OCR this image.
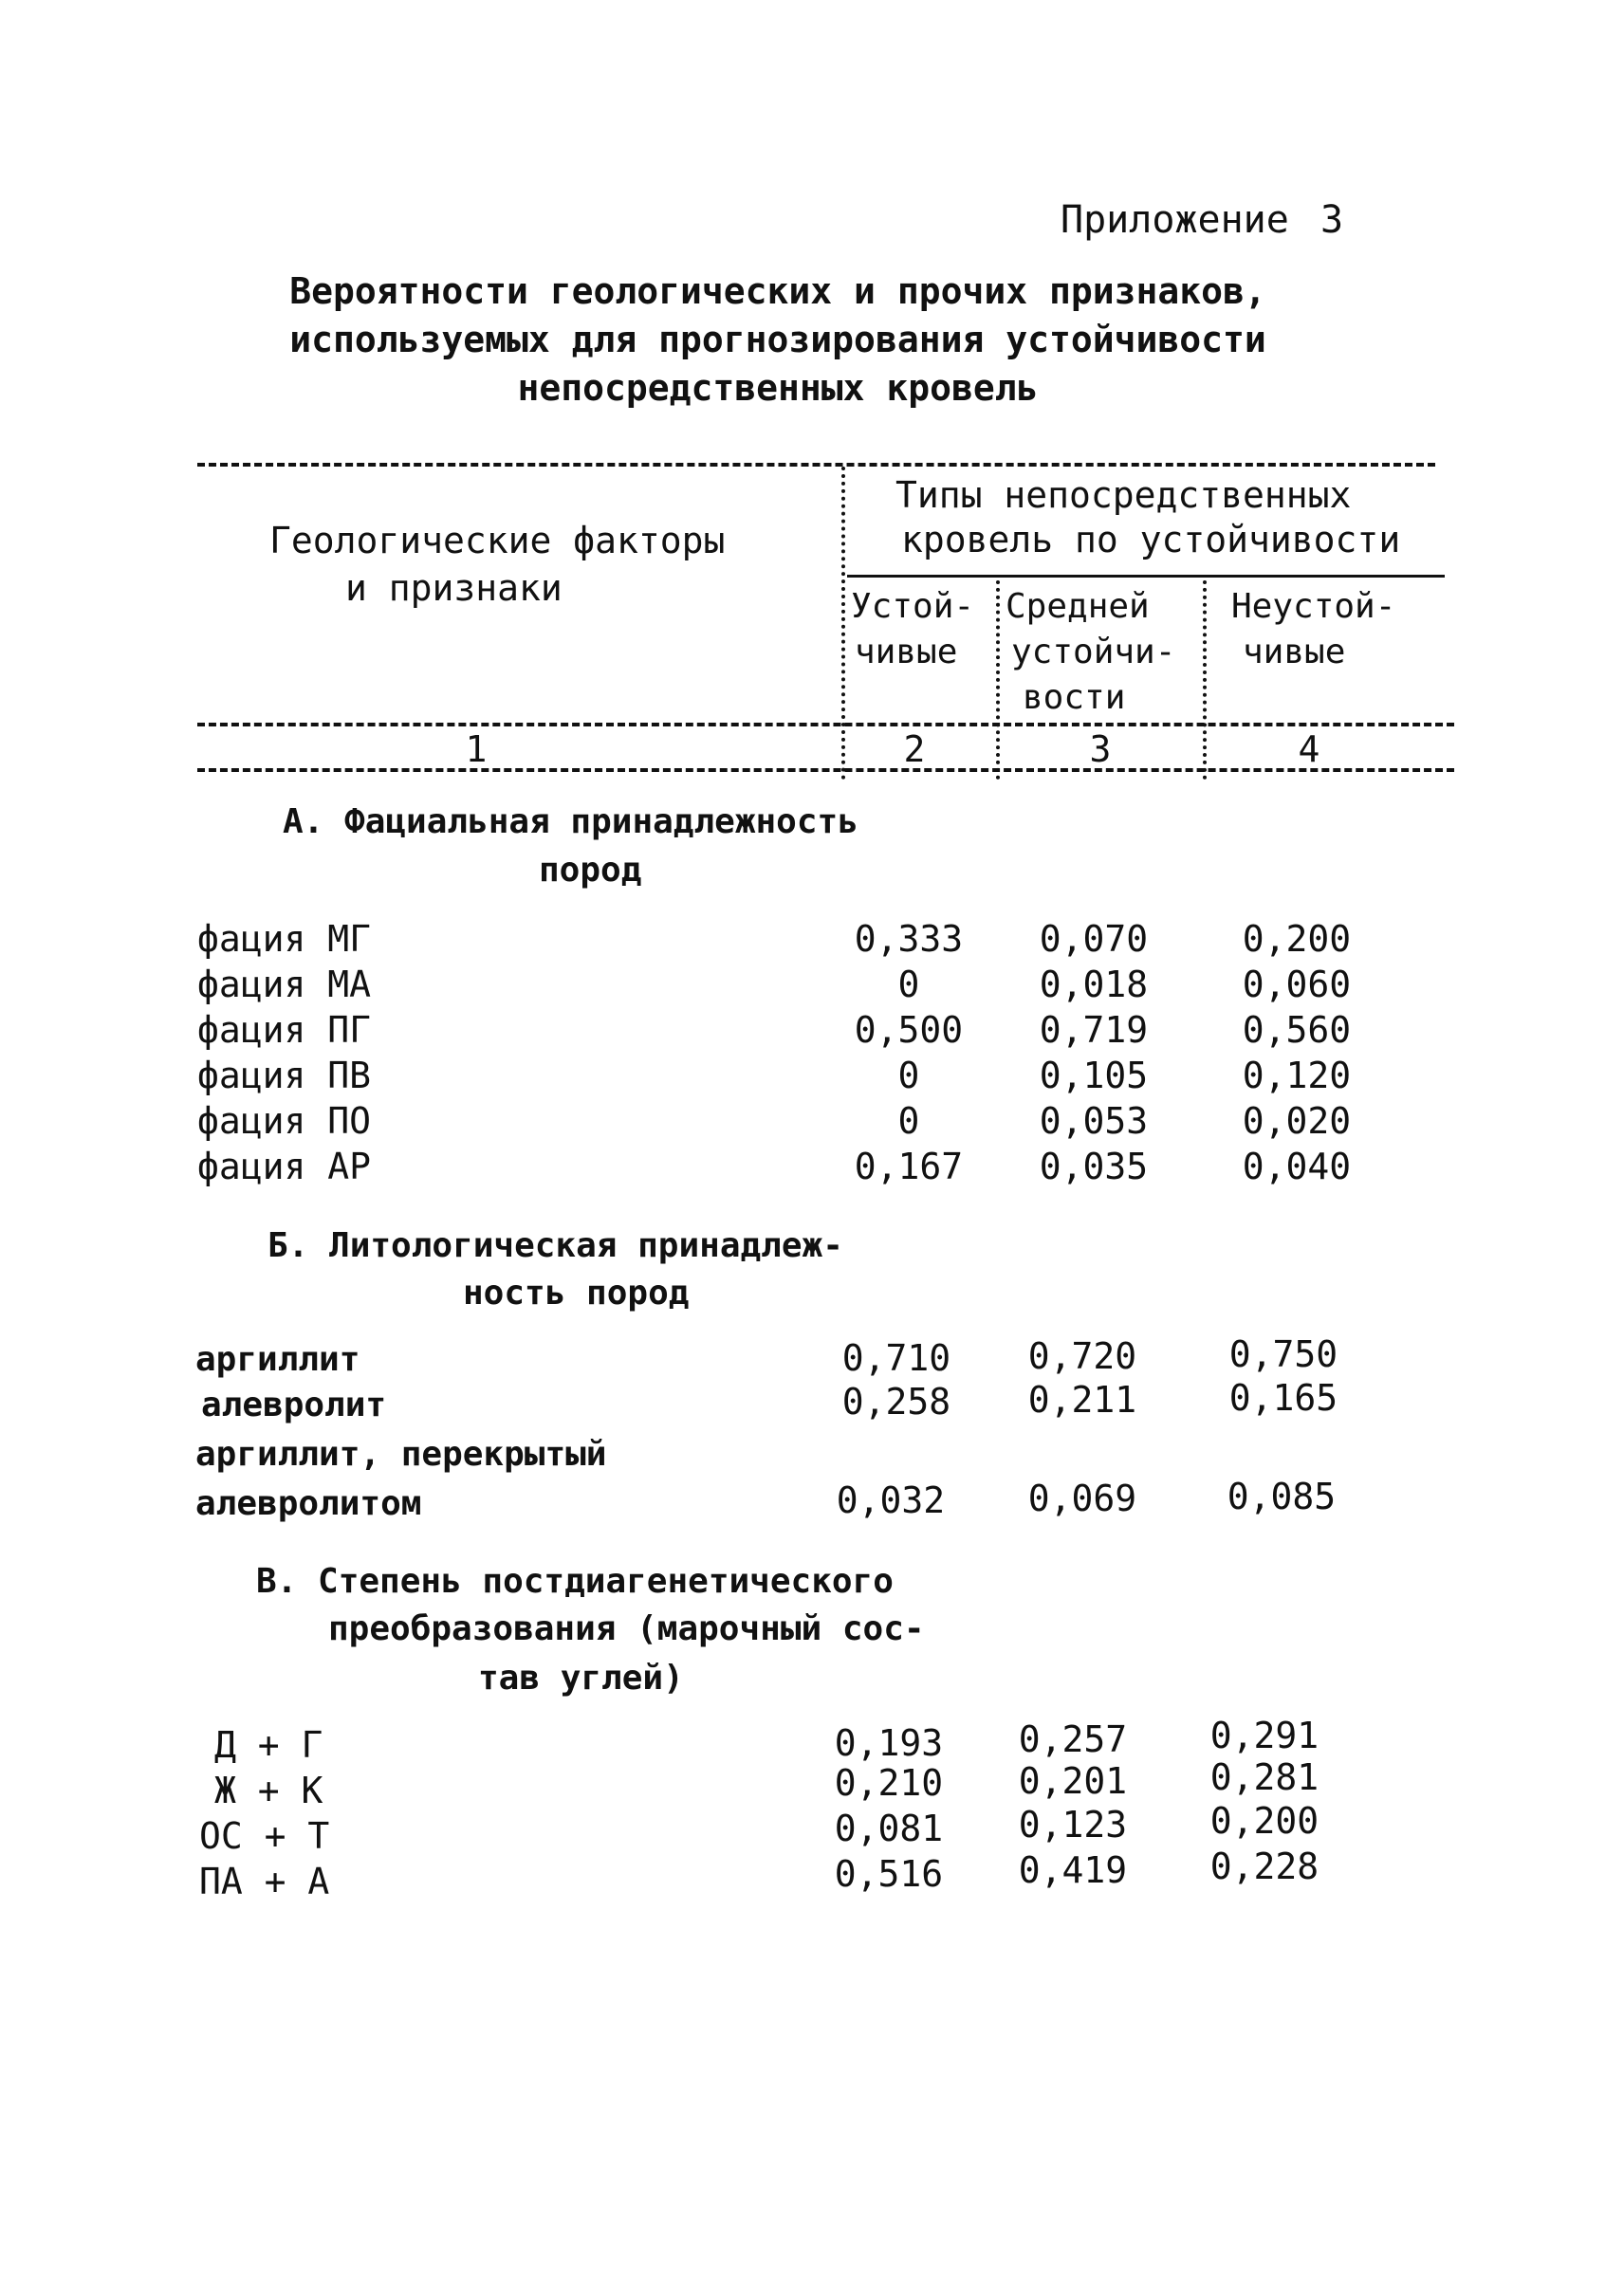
Приложение 3
Вероятности геологических и прочих признаков,
используемых для прогнозирования устойчивости
непосредственных кровель
Геологические факторы
и признаки
Типы непосредственных
кровель по устойчивости
Устой-
чивые
Средней
устойчи-
вости
Неустой-
чивые
1	2	3	4
А. Фациальная принадлежность
пород
фация МГ	0,333	0,070	0,200
фация МА	0	0,018	0,060
фация ПГ	0,500	0,719	0,560
фация ПВ	0	0,105	0,120
фация ПО	0	0,053	0,020
фация АР	0,167	0,035	0,040
Б. Литологическая принадлеж-
ность пород
аргиллит	0,710	0,720	0,750
алевролит	0,258	0,211	0,165
аргиллит, перекрытый
алевролитом	0,032	0,069	0,085
В. Степень постдиагенетического
преобразования (марочный сос-
тав углей)
Д + Г	0,193	0,257	0,291
Ж + К	0,210	0,201	0,281
ОС + Т	0,081	0,123	0,200
ПА + А	0,516	0,419	0,228
